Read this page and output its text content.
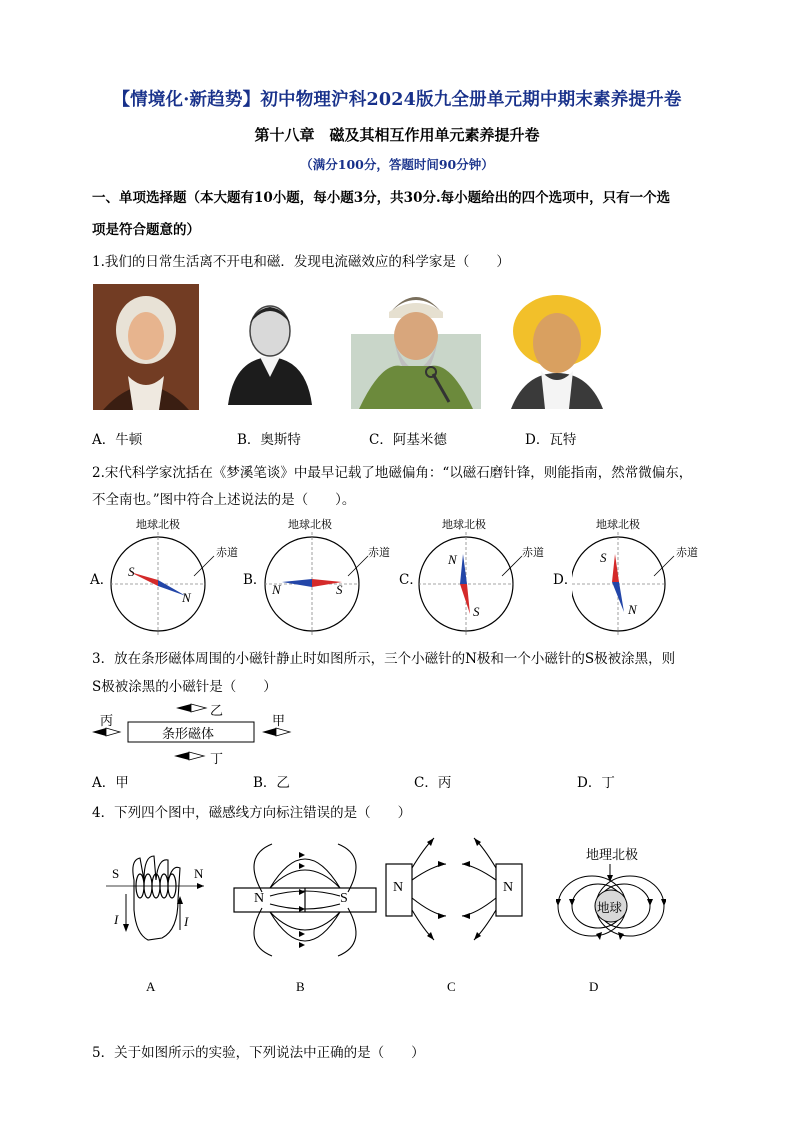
【情境化·新趋势】初中物理沪科2024版九全册单元期中期末素养提升卷
第十八章　磁及其相互作用单元素养提升卷
（满分100分，答题时间90分钟）
一、单项选择题（本大题有10小题，每小题3分，共30分.每小题给出的四个选项中，只有一个选
项是符合题意的）
1.我们的日常生活离不开电和磁．发现电流磁效应的科学家是（　　）
A．牛顿	B．奥斯特	C．阿基米德	D．瓦特
2.宋代科学家沈括在《梦溪笔谈》中最早记载了地磁偏角：“以磁石磨针锋，则能指南，然常微偏东，
不全南也。”图中符合上述说法的是（　　）。
A．	B．	C．	D．
地球北极
赤道
S
N
地球北极
赤道
N	S
地球北极
赤道
N
S
地球北极
赤道
S
N
3．放在条形磁体周围的小磁针静止时如图所示，三个小磁针的N极和一个小磁针的S极被涂黑，则
S极被涂黑的小磁针是（　　）
条形磁体
乙
丁
丙	甲
A．甲	B．乙	C．丙	D．丁
4．下列四个图中，磁感线方向标注错误的是（　　）
S	N
I	I
N	S
N	N
地理北极
地球
A	B	C	D
5．关于如图所示的实验，下列说法中正确的是（　　）
